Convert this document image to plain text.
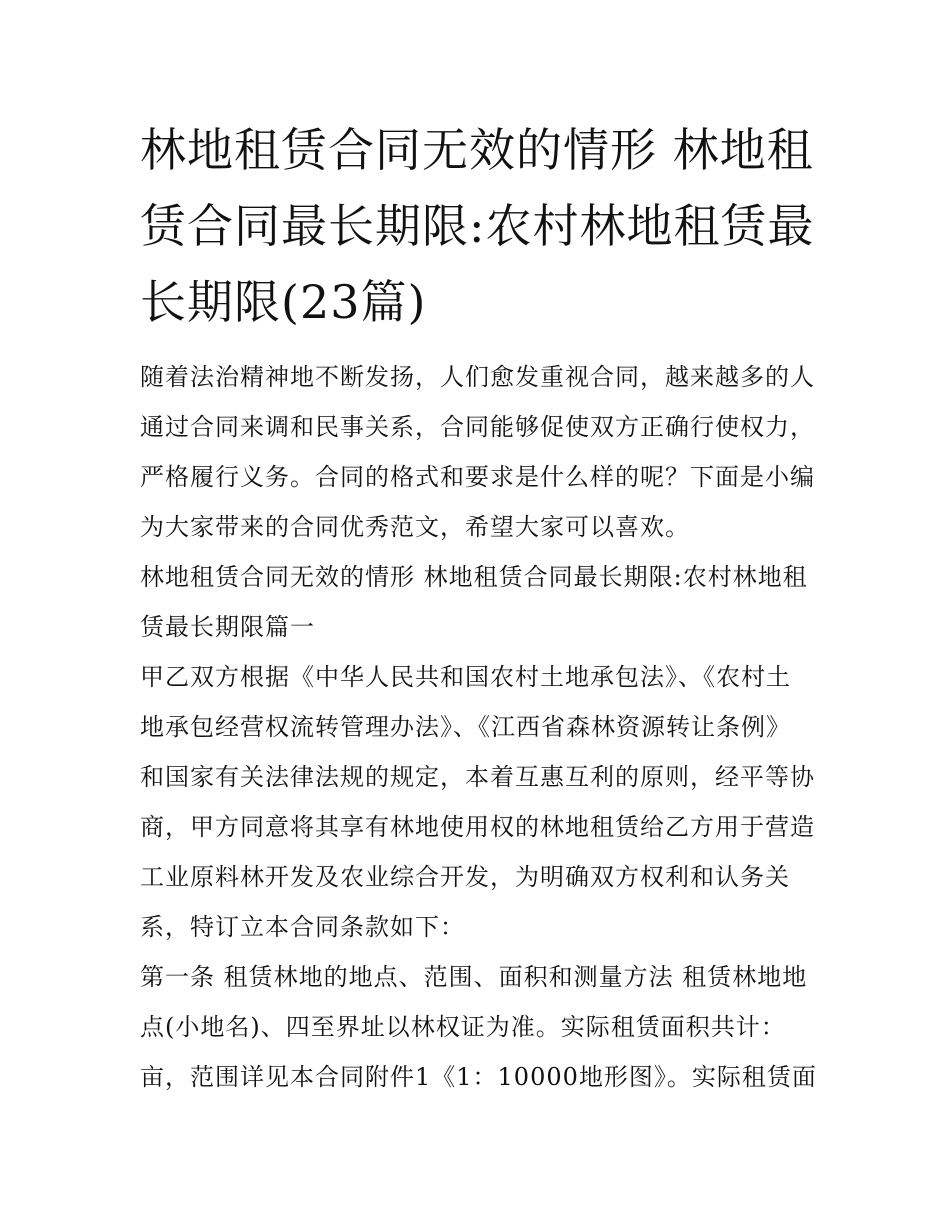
林地租赁合同无效的情形 林地租赁合同最长期限:农村林地租赁最长期限(23篇)

随着法治精神地不断发扬，人们愈发重视合同，越来越多的人通过合同来调和民事关系，合同能够促使双方正确行使权力，严格履行义务。合同的格式和要求是什么样的呢？下面是小编为大家带来的合同优秀范文，希望大家可以喜欢。

林地租赁合同无效的情形 林地租赁合同最长期限:农村林地租赁最长期限篇一

甲乙双方根据《中华人民共和国农村土地承包法》、《农村土地承包经营权流转管理办法》、《江西省森林资源转让条例》和国家有关法律法规的规定，本着互惠互利的原则，经平等协商，甲方同意将其享有林地使用权的林地租赁给乙方用于营造工业原料林开发及农业综合开发，为明确双方权利和认务关系，特订立本合同条款如下：

第一条 租赁林地的地点、范围、面积和测量方法 租赁林地地点(小地名)、四至界址以林权证为准。实际租赁面积共计：

亩，范围详见本合同附件1《1：10000地形图》。实际租赁面
